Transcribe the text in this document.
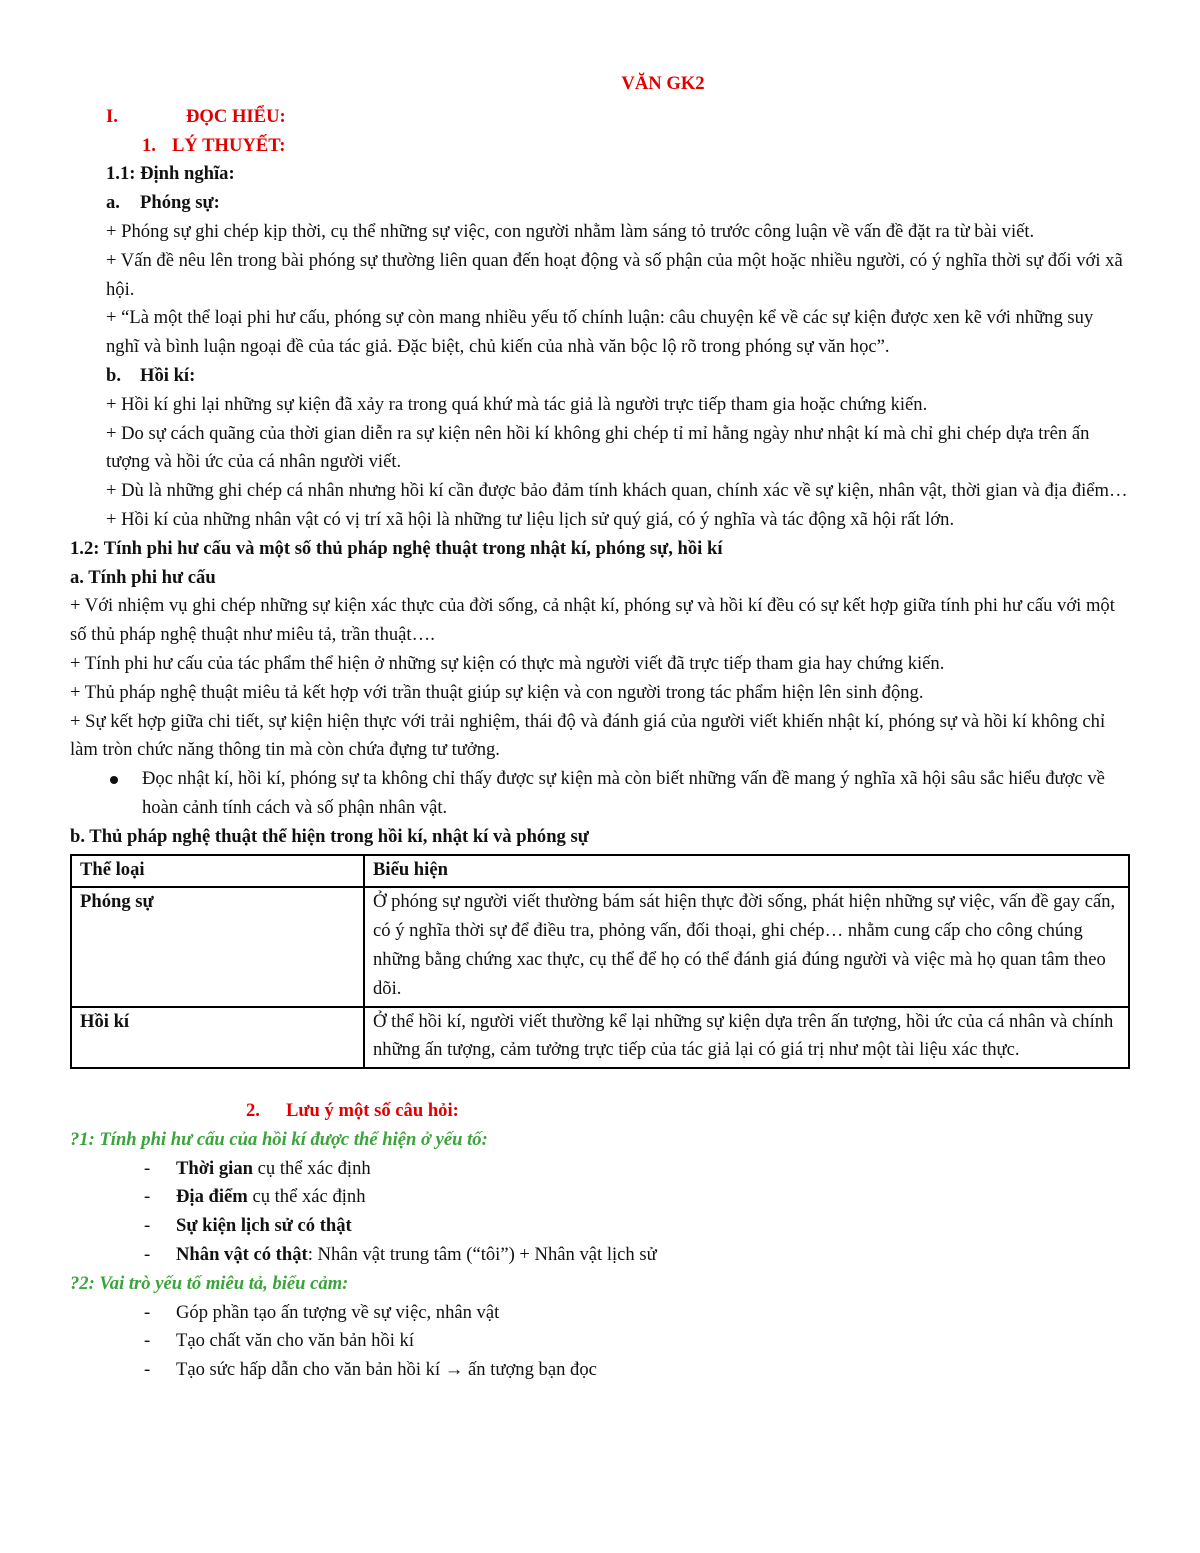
VĂN GK2
I.	ĐỌC HIỂU:
1. LÝ THUYẾT:
1.1: Định nghĩa:
a.	Phóng sự:

+ Phóng sự ghi chép kịp thời, cụ thể những sự việc, con người nhằm làm sáng tỏ trước công luận về vấn đề đặt ra từ bài viết.

+ Vấn đề nêu lên trong bài phóng sự thường liên quan đến hoạt động và số phận của một hoặc nhiều người, có ý nghĩa thời sự đối với xã hội.

+ “Là một thể loại phi hư cấu, phóng sự còn mang nhiều yếu tố chính luận: câu chuyện kể về các sự kiện được xen kẽ với những suy nghĩ và bình luận ngoại đề của tác giả. Đặc biệt, chủ kiến của nhà văn bộc lộ rõ trong phóng sự văn học”.

b.	Hồi kí:

+ Hồi kí ghi lại những sự kiện đã xảy ra trong quá khứ mà tác giả là người trực tiếp tham gia hoặc chứng kiến.

+ Do sự cách quãng của thời gian diễn ra sự kiện nên hồi kí không ghi chép tỉ mỉ hằng ngày như nhật kí mà chỉ ghi chép dựa trên ấn tượng và hồi ức của cá nhân người viết.

+ Dù là những ghi chép cá nhân nhưng hồi kí cần được bảo đảm tính khách quan, chính xác về sự kiện, nhân vật, thời gian và địa điểm…

+ Hồi kí của những nhân vật có vị trí xã hội là những tư liệu lịch sử quý giá, có ý nghĩa và tác động xã hội rất lớn.

1.2: Tính phi hư cấu và một số thủ pháp nghệ thuật trong nhật kí, phóng sự, hồi kí
a. Tính phi hư cấu

+ Với nhiệm vụ ghi chép những sự kiện xác thực của đời sống, cả nhật kí, phóng sự và hồi kí đều có sự kết hợp giữa tính phi hư cấu với một số thủ pháp nghệ thuật như miêu tả, trần thuật….

+ Tính phi hư cấu của tác phẩm thể hiện ở những sự kiện có thực mà người viết đã trực tiếp tham gia hay chứng kiến.

+ Thủ pháp nghệ thuật miêu tả kết hợp với trần thuật giúp sự kiện và con người trong tác phẩm hiện lên sinh động.

+ Sự kết hợp giữa chi tiết, sự kiện hiện thực với trải nghiệm, thái độ và đánh giá của người viết khiến nhật kí, phóng sự và hồi kí không chỉ làm tròn chức năng thông tin mà còn chứa đựng tư tưởng.

Đọc nhật kí, hồi kí, phóng sự ta không chỉ thấy được sự kiện mà còn biết những vấn đề mang ý nghĩa xã hội sâu sắc hiểu được về hoàn cảnh tính cách và số phận nhân vật.
b. Thủ pháp nghệ thuật thể hiện trong hồi kí, nhật kí và phóng sự
Thể loại	Biểu hiện
Phóng sự	Ở phóng sự người viết thường bám sát hiện thực đời sống, phát hiện những sự việc, vấn đề gay cấn, có ý nghĩa thời sự để điều tra, phỏng vấn, đối thoại, ghi chép… nhằm cung cấp cho công chúng những bằng chứng xac thực, cụ thể để họ có thể đánh giá đúng người và việc mà họ quan tâm theo dõi.
Hồi kí	Ở thể hồi kí, người viết thường kể lại những sự kiện dựa trên ấn tượng, hồi ức của cá nhân và chính những ấn tượng, cảm tưởng trực tiếp của tác giả lại có giá trị như một tài liệu xác thực.
2.	Lưu ý một số câu hỏi:
?1: Tính phi hư cấu của hồi kí được thể hiện ở yếu tố:
-	Thời gian cụ thể xác định
-	Địa điểm cụ thể xác định
-	Sự kiện lịch sử có thật
-	Nhân vật có thật: Nhân vật trung tâm (“tôi”) + Nhân vật lịch sử
?2: Vai trò yếu tố miêu tả, biểu cảm:
-	Góp phần tạo ấn tượng về sự việc, nhân vật
-	Tạo chất văn cho văn bản hồi kí
-	Tạo sức hấp dẫn cho văn bản hồi kí → ấn tượng bạn đọc
